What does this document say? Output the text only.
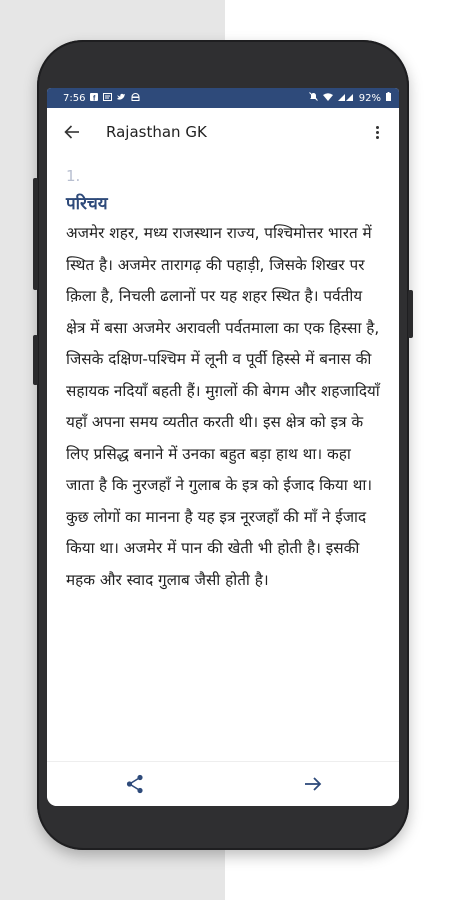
7:56 f	92%
Rajasthan GK
1.
परिचय
अजमेर शहर, मध्य राजस्थान राज्य, पश्चिमोत्तर भारत में स्थित है। अजमेर तारागढ़ की पहाड़ी, जिसके शिखर पर क़िला है, निचली ढलानों पर यह शहर स्थित है। पर्वतीय क्षेत्र में बसा अजमेर अरावली पर्वतमाला का एक हिस्सा है, जिसके दक्षिण-पश्चिम में लूनी व पूर्वी हिस्से में बनास की सहायक नदियाँ बहती हैं। मुग़लों की बेगम और शहजादियाँ यहाँ अपना समय व्यतीत करती थी। इस क्षेत्र को इत्र के लिए प्रसिद्ध बनाने में उनका बहुत बड़ा हाथ था। कहा जाता है कि नुरजहाँ ने गुलाब के इत्र को ईजाद किया था। कुछ लोगों का मानना है यह इत्र नूरजहाँ की माँ ने ईजाद किया था। अजमेर में पान की खेती भी होती है। इसकी महक और स्वाद गुलाब जैसी होती है।
